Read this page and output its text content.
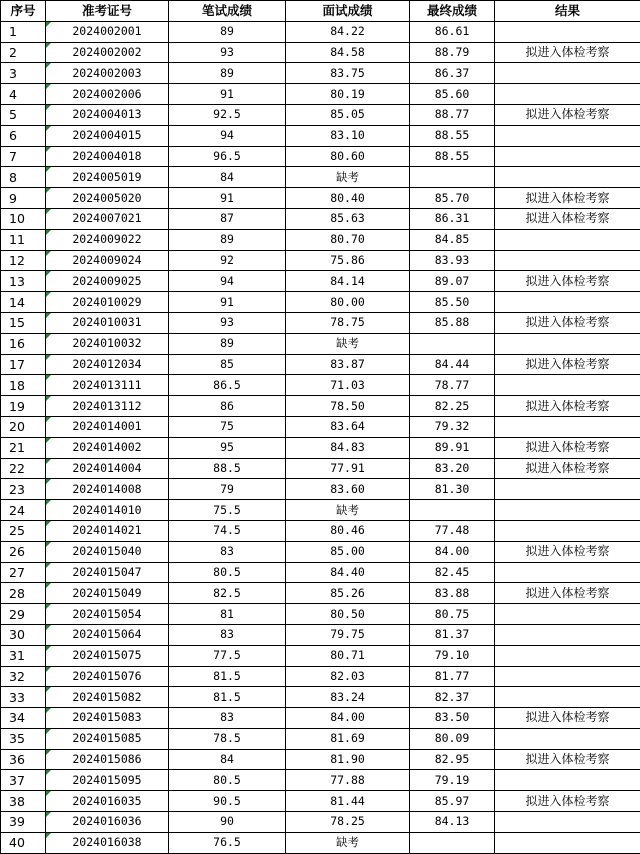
序号	准考证号	笔试成绩	面试成绩	最终成绩	结果
1	2024002001	89	84.22	86.61	
2	2024002002	93	84.58	88.79	拟进入体检考察
3	2024002003	89	83.75	86.37	
4	2024002006	91	80.19	85.60	
5	2024004013	92.5	85.05	88.77	拟进入体检考察
6	2024004015	94	83.10	88.55	
7	2024004018	96.5	80.60	88.55	
8	2024005019	84	缺考		
9	2024005020	91	80.40	85.70	拟进入体检考察
10	2024007021	87	85.63	86.31	拟进入体检考察
11	2024009022	89	80.70	84.85	
12	2024009024	92	75.86	83.93	
13	2024009025	94	84.14	89.07	拟进入体检考察
14	2024010029	91	80.00	85.50	
15	2024010031	93	78.75	85.88	拟进入体检考察
16	2024010032	89	缺考		
17	2024012034	85	83.87	84.44	拟进入体检考察
18	2024013111	86.5	71.03	78.77	
19	2024013112	86	78.50	82.25	拟进入体检考察
20	2024014001	75	83.64	79.32	
21	2024014002	95	84.83	89.91	拟进入体检考察
22	2024014004	88.5	77.91	83.20	拟进入体检考察
23	2024014008	79	83.60	81.30	
24	2024014010	75.5	缺考		
25	2024014021	74.5	80.46	77.48	
26	2024015040	83	85.00	84.00	拟进入体检考察
27	2024015047	80.5	84.40	82.45	
28	2024015049	82.5	85.26	83.88	拟进入体检考察
29	2024015054	81	80.50	80.75	
30	2024015064	83	79.75	81.37	
31	2024015075	77.5	80.71	79.10	
32	2024015076	81.5	82.03	81.77	
33	2024015082	81.5	83.24	82.37	
34	2024015083	83	84.00	83.50	拟进入体检考察
35	2024015085	78.5	81.69	80.09	
36	2024015086	84	81.90	82.95	拟进入体检考察
37	2024015095	80.5	77.88	79.19	
38	2024016035	90.5	81.44	85.97	拟进入体检考察
39	2024016036	90	78.25	84.13	
40	2024016038	76.5	缺考		
